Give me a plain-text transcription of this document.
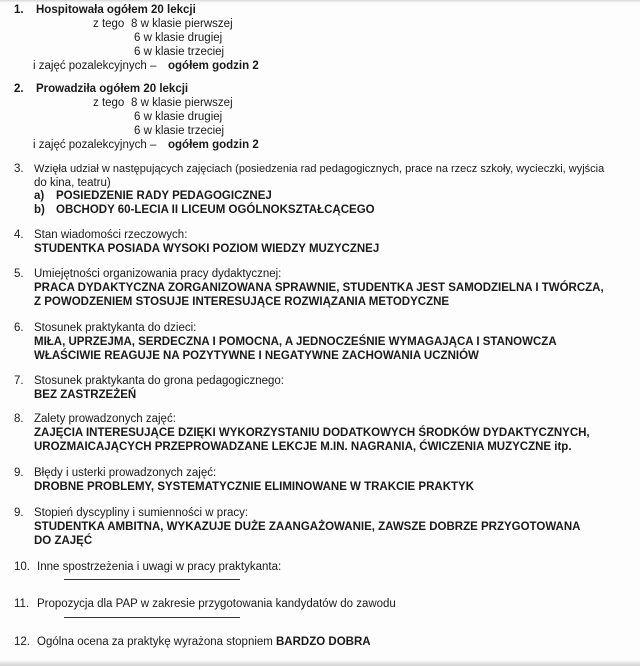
1. Hospitowała ogółem 20 lekcji
z tego 8 w klasie pierwszej
6 w klasie drugiej
6 w klasie trzeciej
i zajęć pozalekcyjnych – ogółem godzin 2
2. Prowadziła ogółem 20 lekcji
z tego 8 w klasie pierwszej
6 w klasie drugiej
6 w klasie trzeciej
i zajęć pozalekcyjnych – ogółem godzin 2
3. Wzięła udział w następujących zajęciach (posiedzenia rad pedagogicznych, prace na rzecz szkoły, wycieczki, wyjścia
do kina, teatru)
a) POSIEDZENIE RADY PEDAGOGICZNEJ
b) OBCHODY 60-LECIA II LICEUM OGÓLNOKSZTAŁCĄCEGO
4. Stan wiadomości rzeczowych:
STUDENTKA POSIADA WYSOKI POZIOM WIEDZY MUZYCZNEJ
5. Umiejętności organizowania pracy dydaktycznej:
PRACA DYDAKTYCZNA ZORGANIZOWANA SPRAWNIE, STUDENTKA JEST SAMODZIELNA I TWÓRCZA,
Z POWODZENIEM STOSUJE INTERESUJĄCE ROZWIĄZANIA METODYCZNE
6. Stosunek praktykanta do dzieci:
MIŁA, UPRZEJMA, SERDECZNA I POMOCNA, A JEDNOCZEŚNIE WYMAGAJĄCA I STANOWCZA
WŁAŚCIWIE REAGUJE NA POZYTYWNE I NEGATYWNE ZACHOWANIA UCZNIÓW
7. Stosunek praktykanta do grona pedagogicznego:
BEZ ZASTRZEŻEŃ
8. Zalety prowadzonych zajęć:
ZAJĘCIA INTERESUJĄCE DZIĘKI WYKORZYSTANIU DODATKOWYCH ŚRODKÓW DYDAKTYCZNYCH,
UROZMAICAJĄCYCH PRZEPROWADZANE LEKCJE M.IN. NAGRANIA, ĆWICZENIA MUZYCZNE itp.
9. Błędy i usterki prowadzonych zajęć:
DROBNE PROBLEMY, SYSTEMATYCZNIE ELIMINOWANE W TRAKCIE PRAKTYK
9. Stopień dyscypliny i sumienności w pracy:
STUDENTKA AMBITNA, WYKAZUJE DUŻE ZAANGAŻOWANIE, ZAWSZE DOBRZE PRZYGOTOWANA
DO ZAJĘĆ
10. Inne spostrzeżenia i uwagi w pracy praktykanta:
11. Propozycja dla PAP w zakresie przygotowania kandydatów do zawodu
12. Ogólna ocena za praktykę wyrażona stopniem BARDZO DOBRA
